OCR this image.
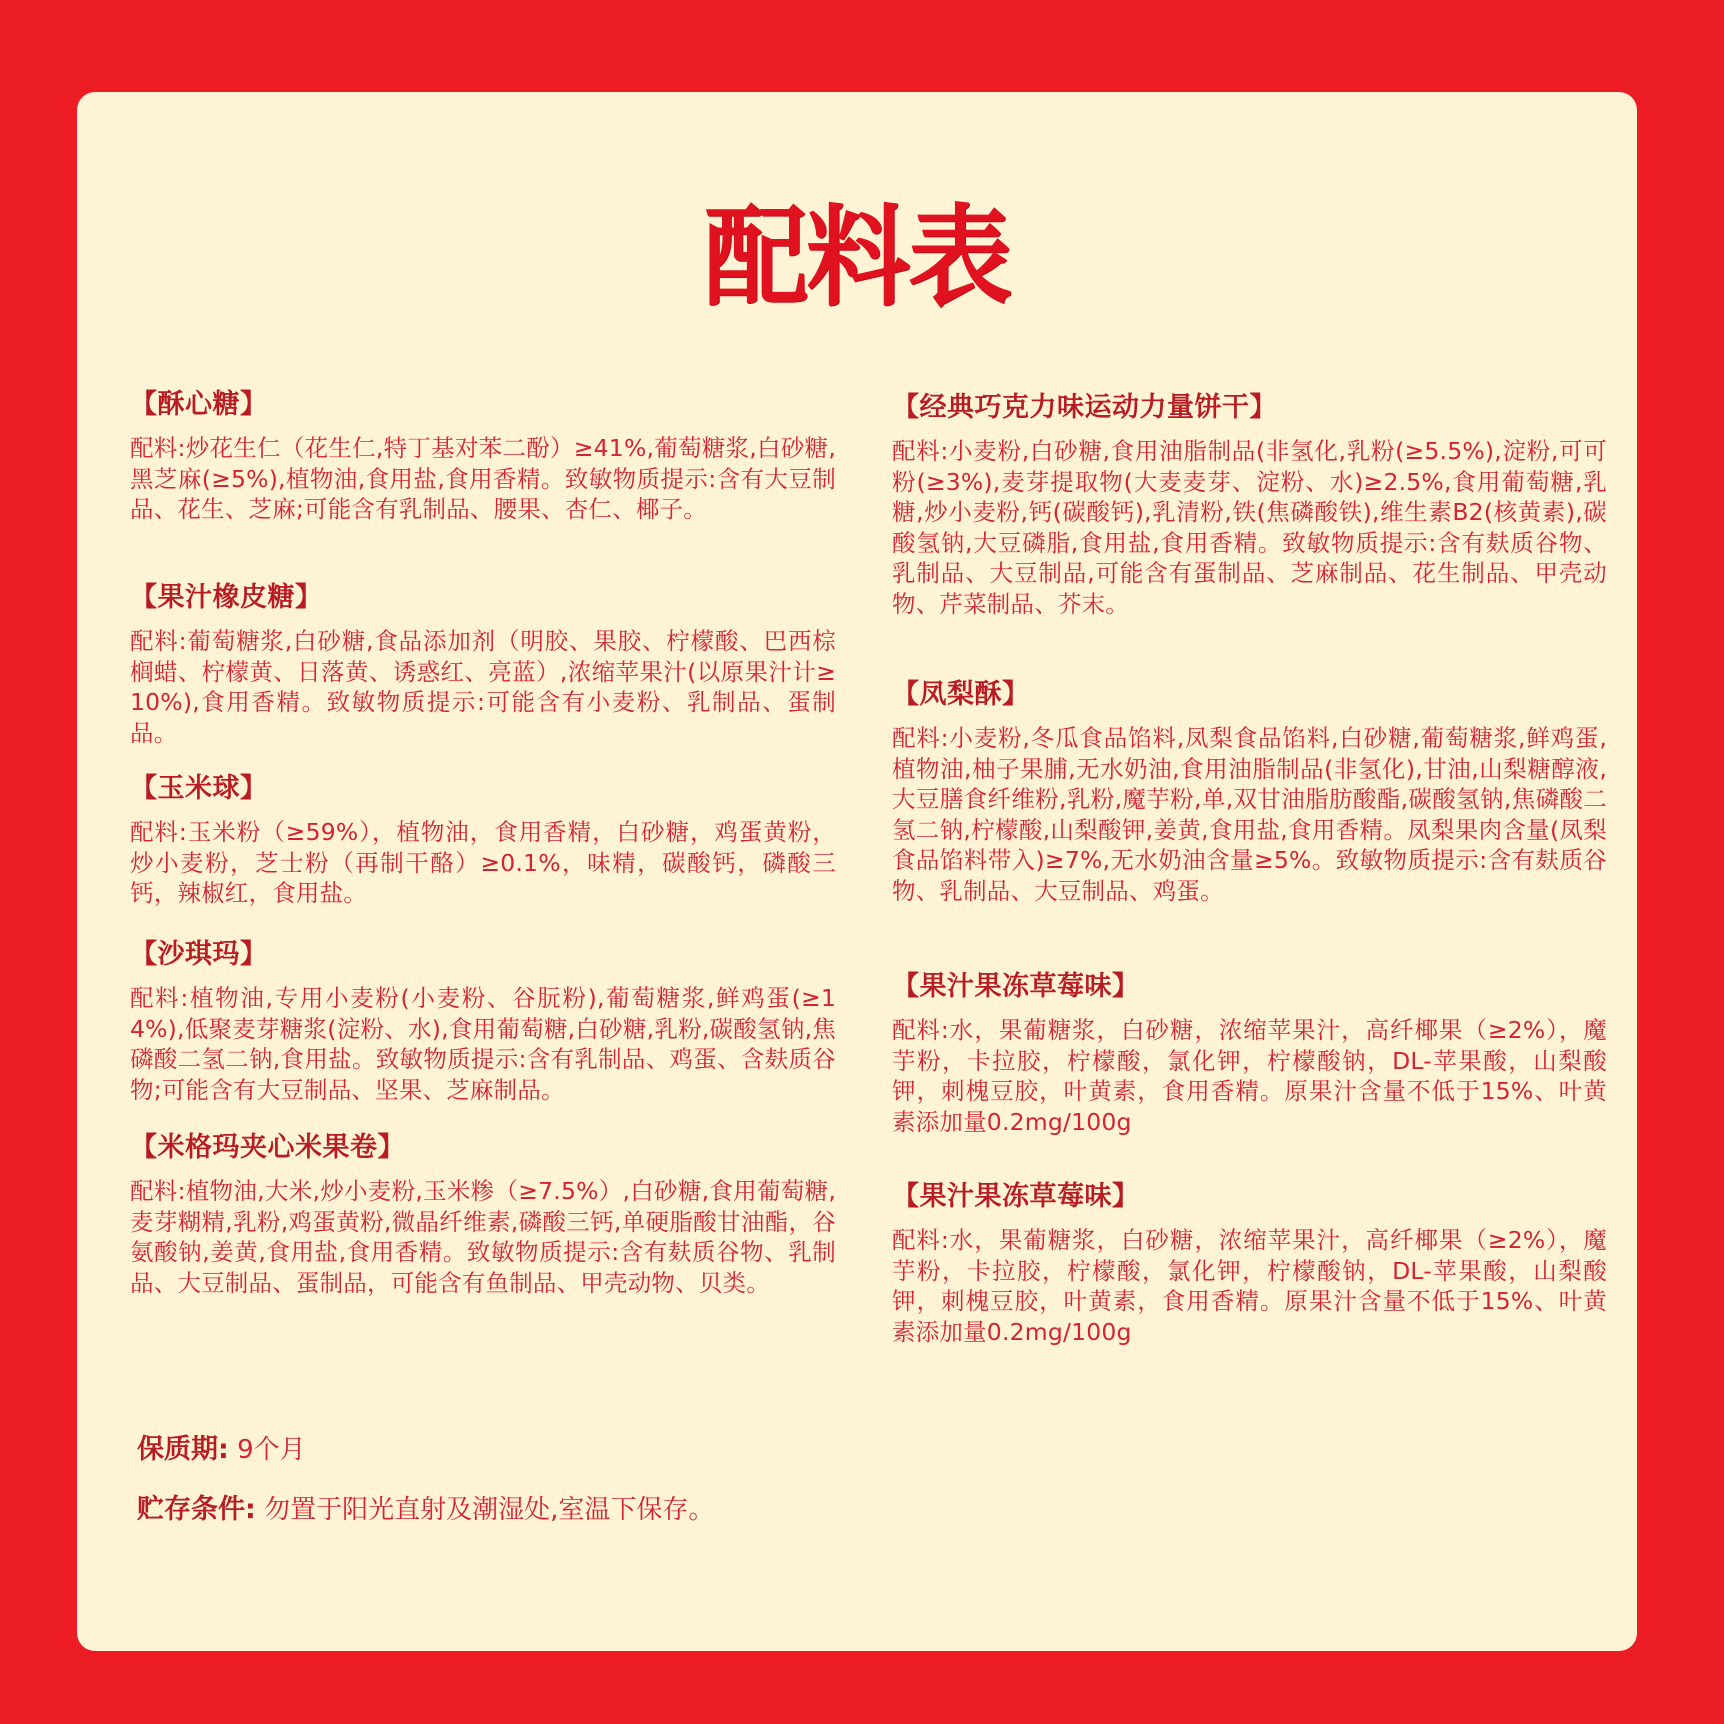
配料表
【酥心糖】
配料:炒花生仁（花生仁,特丁基对苯二酚）≥41%,葡萄糖浆,白砂糖,黑芝麻(≥5%),植物油,食用盐,食用香精。致敏物质提示:含有大豆制品、花生、芝麻;可能含有乳制品、腰果、杏仁、椰子。
【果汁橡皮糖】
配料:葡萄糖浆,白砂糖,食品添加剂（明胶、果胶、柠檬酸、巴西棕榈蜡、柠檬黄、日落黄、诱惑红、亮蓝）,浓缩苹果汁(以原果汁计≥10%),食用香精。致敏物质提示:可能含有小麦粉、乳制品、蛋制品。
【玉米球】
配料:玉米粉（≥59%），植物油，食用香精，白砂糖，鸡蛋黄粉，炒小麦粉，芝士粉（再制干酪）≥0.1%，味精，碳酸钙，磷酸三钙，辣椒红，食用盐。
【沙琪玛】
配料:植物油,专用小麦粉(小麦粉、谷朊粉),葡萄糖浆,鲜鸡蛋(≥14%),低聚麦芽糖浆(淀粉、水),食用葡萄糖,白砂糖,乳粉,碳酸氢钠,焦磷酸二氢二钠,食用盐。致敏物质提示:含有乳制品、鸡蛋、含麸质谷物;可能含有大豆制品、坚果、芝麻制品。
【米格玛夹心米果卷】
配料:植物油,大米,炒小麦粉,玉米糁（≥7.5%）,白砂糖,食用葡萄糖,麦芽糊精,乳粉,鸡蛋黄粉,微晶纤维素,磷酸三钙,单硬脂酸甘油酯，谷氨酸钠,姜黄,食用盐,食用香精。致敏物质提示:含有麸质谷物、乳制品、大豆制品、蛋制品，可能含有鱼制品、甲壳动物、贝类。
【经典巧克力味运动力量饼干】
配料:小麦粉,白砂糖,食用油脂制品(非氢化,乳粉(≥5.5%),淀粉,可可粉(≥3%),麦芽提取物(大麦麦芽、淀粉、水)≥2.5%,食用葡萄糖,乳糖,炒小麦粉,钙(碳酸钙),乳清粉,铁(焦磷酸铁),维生素B2(核黄素),碳酸氢钠,大豆磷脂,食用盐,食用香精。致敏物质提示:含有麸质谷物、乳制品、大豆制品,可能含有蛋制品、芝麻制品、花生制品、甲壳动物、芹菜制品、芥末。
【凤梨酥】
配料:小麦粉,冬瓜食品馅料,凤梨食品馅料,白砂糖,葡萄糖浆,鲜鸡蛋,植物油,柚子果脯,无水奶油,食用油脂制品(非氢化),甘油,山梨糖醇液,大豆膳食纤维粉,乳粉,魔芋粉,单,双甘油脂肪酸酯,碳酸氢钠,焦磷酸二氢二钠,柠檬酸,山梨酸钾,姜黄,食用盐,食用香精。凤梨果肉含量(凤梨食品馅料带入)≥7%,无水奶油含量≥5%。致敏物质提示:含有麸质谷物、乳制品、大豆制品、鸡蛋。
【果汁果冻草莓味】
配料:水，果葡糖浆，白砂糖，浓缩苹果汁，高纤椰果（≥2%），魔芋粉，卡拉胶，柠檬酸，氯化钾，柠檬酸钠，DL-苹果酸，山梨酸钾，刺槐豆胶，叶黄素，食用香精。原果汁含量不低于15%、叶黄素添加量0.2mg/100g
【果汁果冻草莓味】
配料:水，果葡糖浆，白砂糖，浓缩苹果汁，高纤椰果（≥2%），魔芋粉，卡拉胶，柠檬酸，氯化钾，柠檬酸钠，DL-苹果酸，山梨酸钾，刺槐豆胶，叶黄素，食用香精。原果汁含量不低于15%、叶黄素添加量0.2mg/100g
保质期: 9个月
贮存条件: 勿置于阳光直射及潮湿处,室温下保存。
